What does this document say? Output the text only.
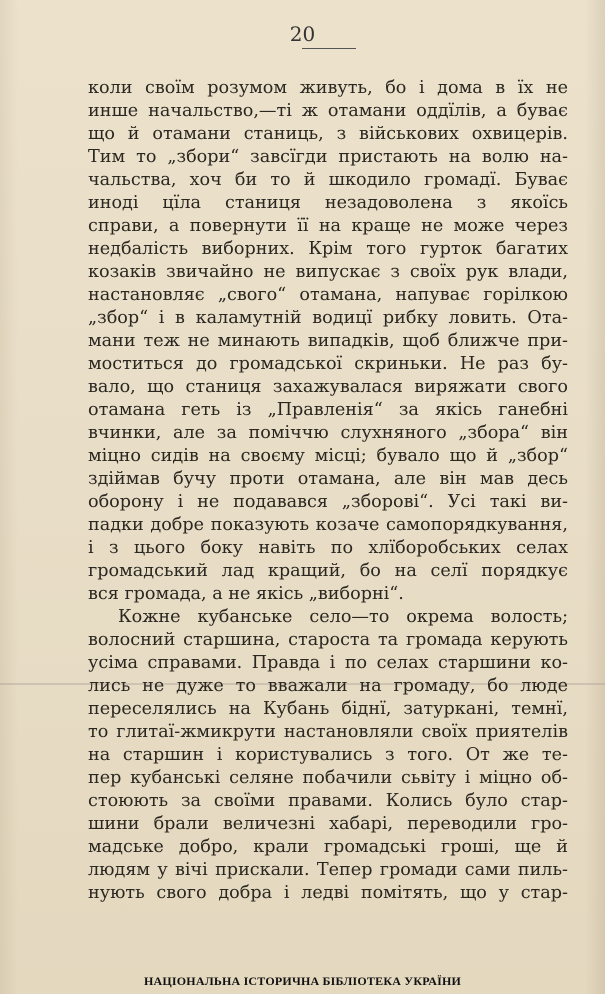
20
коли своїм розумом живуть, бо і дома в їх не
инше начальство,—ті ж отамани оддїлів, а буває
що й отамани станиць, з військових охвицерів.
Тим то „збори“ завсїгди пристають на волю на-
чальства, хоч би то й шкодило громадї. Буває
иноді цїла станиця незадоволена з якоїсь
справи, а повернути її на краще не може через
недбалість виборних. Крім того гурток багатих
козаків звичайно не випускає з своїх рук влади,
настановляє „свого“ отамана, напуває горілкою
„збор“ і в каламутній водицї рибку ловить. Ота-
мани теж не минають випадків, щоб ближче при-
моститься до громадської скриньки. Не раз бу-
вало, що станиця захажувалася виряжати свого
отамана геть із „Правленія“ за якісь ганебні
вчинки, але за поміччю слухняного „збора“ він
міцно сидів на своєму місці; бувало що й „збор“
здіймав бучу проти отамана, але він мав десь
оборону і не подавався „зборові“. Усі такі ви-
падки добре показують козаче самопорядкування,
і з цього боку навіть по хлїборобських селах
громадський лад кращий, бо на селї порядкує
вся громада, а не якісь „виборні“.
Кожне кубанське село—то окрема волость;
волосний старшина, староста та громада керують
усіма справами. Правда і по селах старшини ко-
лись не дуже то вважали на громаду, бо люде
переселялись на Кубань біднї, затуркані, темнї,
то глитаї-жмикрути настановляли своїх приятелів
на старшин і користувались з того. От же те-
пер кубанські селяне побачили сьвіту і міцно об-
стоюють за своїми правами. Колись було стар-
шини брали величезні хабарі, переводили гро-
мадське добро, крали громадські гроші, ще й
людям у вічі прискали. Тепер громади сами пиль-
нують свого добра і ледві помітять, що у стар-
НАЦІОНАЛЬНА ІСТОРИЧНА БІБЛІОТЕКА УКРАЇНИ
